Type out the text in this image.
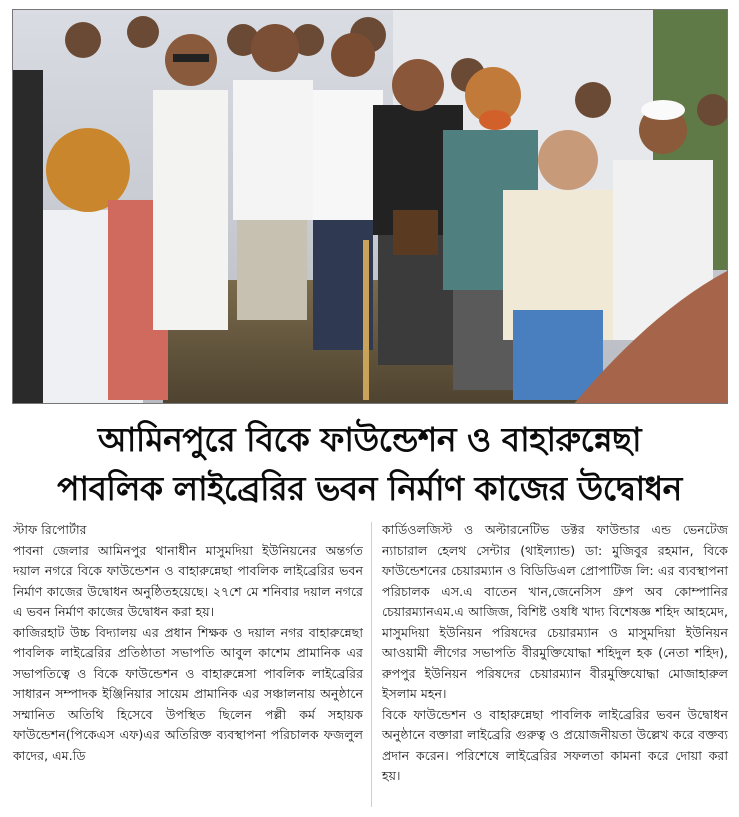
আমিনপুরে বিকে ফাউন্ডেশন ও বাহারুন্নেছা
পাবলিক লাইব্রেরির ভবন নির্মাণ কাজের উদ্বোধন

স্টাফ রিপোর্টার

পাবনা জেলার আমিনপুর থানাধীন মাসুমদিয়া ইউনিয়নের অন্তর্গত দয়াল নগরে বিকে ফাউন্ডেশন ও বাহারুন্নেছা পাবলিক লাইব্রেরির ভবন নির্মাণ কাজের উদ্বোধন অনুষ্ঠিতহয়েছে। ২৭শে মে শনিবার দয়াল নগরে এ ভবন নির্মাণ কাজের উদ্বোধন করা হয়।

কাজিরহাট উচ্চ বিদ্যালয় এর প্রধান শিক্ষক ও দয়াল নগর বাহারুন্নেছা পাবলিক লাইব্রেরির প্রতিষ্ঠাতা সভাপতি আবুল কাশেম প্রামানিক এর সভাপতিত্বে ও বিকে ফাউন্ডেশন ও বাহারুন্নেসা পাবলিক লাইব্রেরির সাধারন সম্পাদক ইঞ্জিনিয়ার সায়েম প্রামানিক এর সঞ্চালনায় অনুষ্ঠানে সম্মানিত অতিথি হিসেবে উপস্থিত ছিলেন পল্লী কর্ম সহায়ক ফাউন্ডেশন(পিকেএস এফ)এর অতিরিক্ত ব্যবস্থাপনা পরিচালক ফজলুল কাদের, এম.ডি

কার্ডিওলজিস্ট ও অল্টারনেটিভ ডক্টর ফাউন্ডার এন্ড ভেনটেজ ন্যাচারাল হেলথ সেন্টার (থাইল্যান্ড) ডা: মুজিবুর রহমান, বিকে ফাউন্ডেশনের চেয়ারম্যান ও বিডিডিএল প্রোপাটিজ লি: এর ব্যবস্থাপনা পরিচালক এস.এ বাতেন খান,জেনেসিস গ্রুপ অব কোম্পানির চেয়ারম্যানএম.এ আজিজ, বিশিষ্ট ওষধি খাদ্য বিশেষজ্ঞ শহিদ আহমেদ, মাসুমদিয়া ইউনিয়ন পরিষদের চেয়ারম্যান ও মাসুমদিয়া ইউনিয়ন আওয়ামী লীগের সভাপতি বীরমুক্তিযোদ্ধা শহিদুল হক (নেতা শহিদ), রুপপুর ইউনিয়ন পরিষদের চেয়ারম্যান বীরমুক্তিযোদ্ধা মোজাহারুল ইসলাম মহন।

বিকে ফাউন্ডেশন ও বাহারুন্নেছা পাবলিক লাইব্রেরির ভবন উদ্বোধন অনুষ্ঠানে বক্তারা লাইব্রেরি গুরুত্ব ও প্রয়োজনীয়তা উল্লেখ করে বক্তব্য প্রদান করেন। পরিশেষে লাইব্রেরির সফলতা কামনা করে দোয়া করা হয়।
